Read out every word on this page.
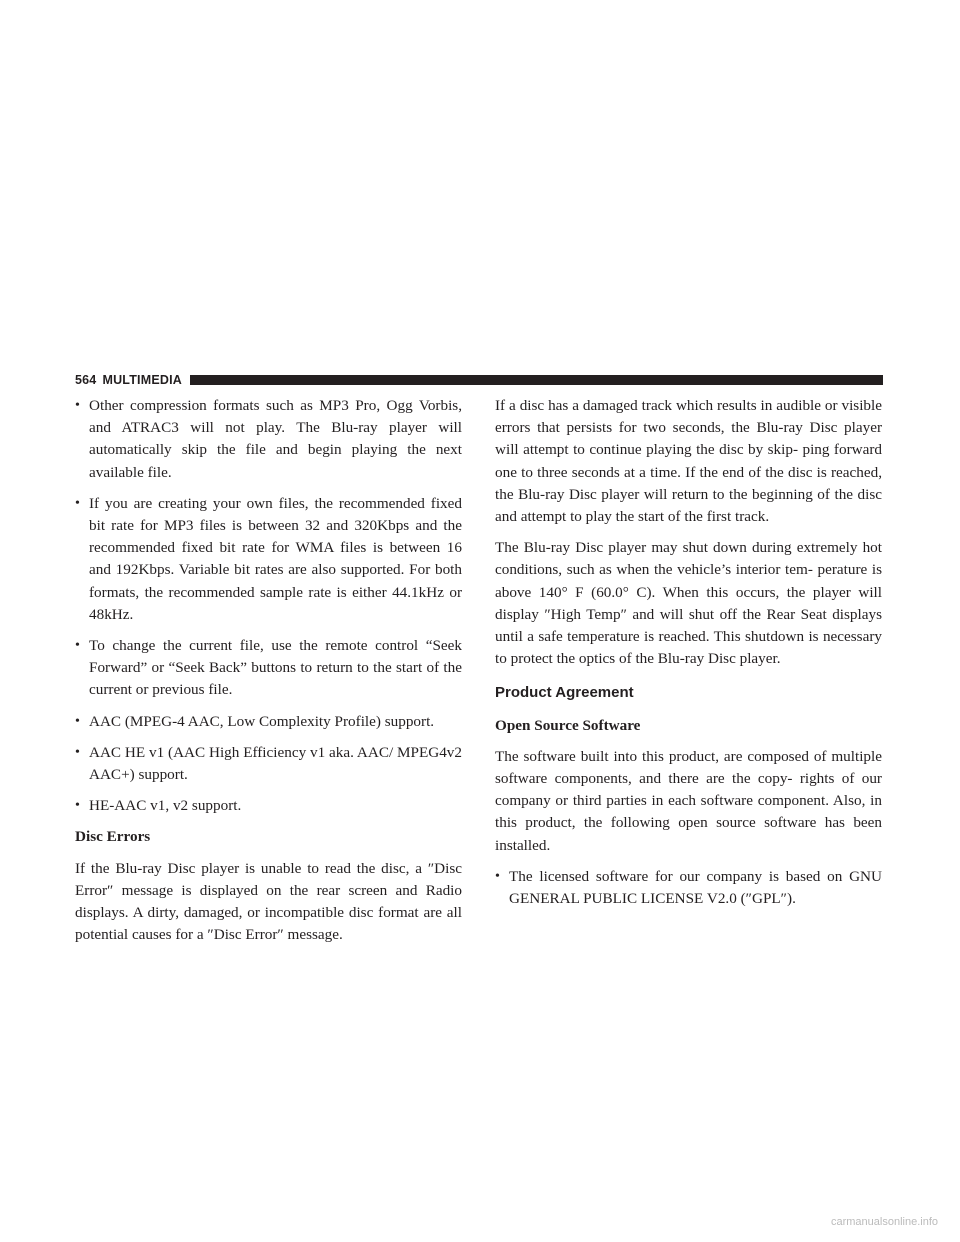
564 MULTIMEDIA
• Other compression formats such as MP3 Pro, Ogg Vorbis, and ATRAC3 will not play. The Blu-ray player will automatically skip the file and begin playing the next available file.
• If you are creating your own files, the recommended fixed bit rate for MP3 files is between 32 and 320Kbps and the recommended fixed bit rate for WMA files is between 16 and 192Kbps. Variable bit rates are also supported. For both formats, the recommended sample rate is either 44.1kHz or 48kHz.
• To change the current file, use the remote control “Seek Forward” or “Seek Back” buttons to return to the start of the current or previous file.
• AAC (MPEG-4 AAC, Low Complexity Profile) support.
• AAC HE v1 (AAC High Efficiency v1 aka. AAC/ MPEG4v2 AAC+) support.
• HE-AAC v1, v2 support.
Disc Errors

If the Blu-ray Disc player is unable to read the disc, a ″Disc Error″ message is displayed on the rear screen and Radio displays. A dirty, damaged, or incompatible disc format are all potential causes for a ″Disc Error″ message.

If a disc has a damaged track which results in audible or visible errors that persists for two seconds, the Blu-ray Disc player will attempt to continue playing the disc by skip- ping forward one to three seconds at a time. If the end of the disc is reached, the Blu-ray Disc player will return to the beginning of the disc and attempt to play the start of the first track.

The Blu-ray Disc player may shut down during extremely hot conditions, such as when the vehicle’s interior tem- perature is above 140° F (60.0° C). When this occurs, the player will display ″High Temp″ and will shut off the Rear Seat displays until a safe temperature is reached. This shutdown is necessary to protect the optics of the Blu-ray Disc player.

Product Agreement
Open Source Software

The software built into this product, are composed of multiple software components, and there are the copy- rights of our company or third parties in each software component. Also, in this product, the following open source software has been installed.

• The licensed software for our company is based on GNU GENERAL PUBLIC LICENSE V2.0 (″GPL″).
carmanualsonline.info
